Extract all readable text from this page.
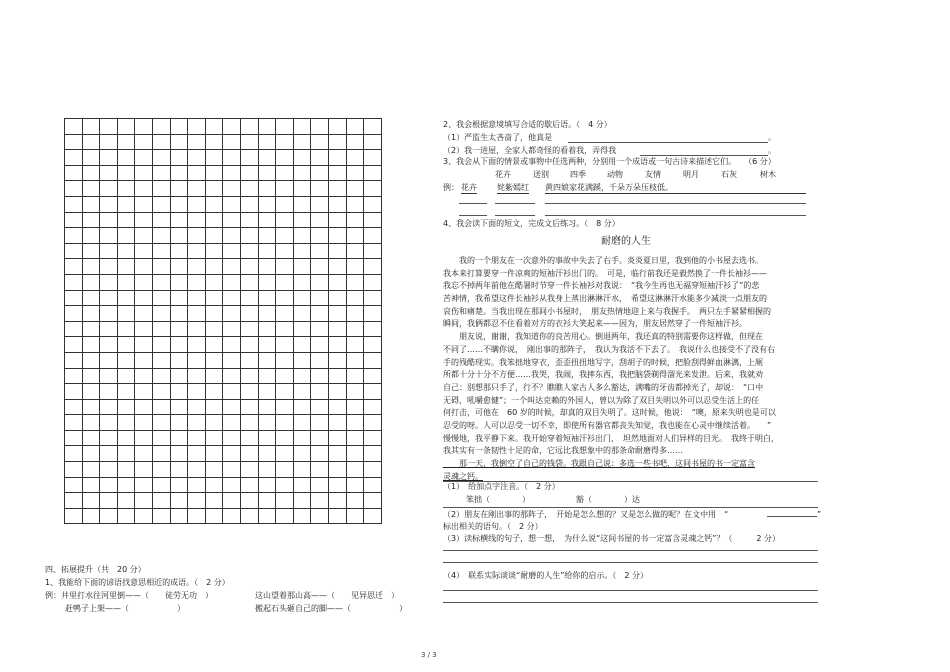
四、拓展提升（共　20 分）
1、我能给下面的谚语找意思相近的成语。（　2 分）
例：井里打水往河里倒——（　　徒劳无功　）	这山望着那山高——（　　见异思迁　）
赶鸭子上架——（　　　　　　）	搬起石头砸自己的脚——（　　　　　　）
2、我会根据意境填写合适的歇后语。（　4 分）
（1）严监生太吝啬了，他真是	。
（2）我一进屋，全家人都奇怪的看着我，弄得我	。
3、我会从下面的情景或事物中任选两种，分别用一个成语或一句古诗来描述它们。　　（6 分）
花卉	送别	四季	动物	友情	明月	石灰	树木
例： 花卉	姹紫嫣红 黄四娘家花满蹊，千朵万朵压枝低。
4、我会读下面的短文，完成文后练习。（　8 分）
耐磨的人生
　　我的一个朋友在一次意外的事故中失去了右手。炎炎夏日里，我到他的小书屋去选书。
我本来打算要穿一件凉爽的短袖汗衫出门的。　可是，临行前我还是毅然换了一件长袖衫——
我忘不掉两年前他在酷暑时节穿一件长袖衫对我说：　“我今生再也无福穿短袖汗衫了”的悲
苦神情，我希望这件长袖衫从我身上蒸出淋淋汗水，　希望这淋淋汗水能多少减淡一点朋友的
哀伤和痛楚。当我出现在那间小书屋时，　朋友热情地迎上来与我握手。　两只左手紧紧相握的
瞬间，我俩都忍不住看着对方的衣衫大笑起来——因为，朋友居然穿了一件短袖汗衫。
　　朋友说，谢谢，我知道你的良苦用心。倒退两年，我还真的特别需要你这样做，但现在
不同了……不瞒你说，　刚出事的那阵子，　我认为我活不下去了。　我说什么也接受不了没有右
手的残酷现实。我笨拙地穿衣，歪歪扭扭地写字，刮胡子的时候，把脸刮得鲜血淋漓，上厕
所都十分十分不方便……我哭，我闹，我摔东西，我把脑袋剃得溜光来发泄。后来，我就劝
自己：别想那只手了，行不？瞧瞧人家古人多么豁达，满嘴的牙齿都掉光了，却说：　“口中
无碍，吼嚼愈健”；一个叫达克赖的外国人，曾以为除了双目失明以外可以忍受生活上的任
何打击，可他在　60 岁的时候，却真的双目失明了。这时候，他说：　“噢，原来失明也是可以
忍受的呀。人可以忍受一切不幸，即使所有器官都丧失知觉，我也能在心灵中继续活着。　　”
慢慢地，我平静下来。我开始穿着短袖汗衫出门，　坦然地面对人们异样的目光。　我终于明白，
我其实有一条韧性十足的命，它远比我想象中的那条命耐磨得多……
　　那一天，我倒空了自己的钱袋。我跟自己说：多选一些书吧，这间书屋的书一定富含
灵魂之钙。
（1）　给加点字注音。（　2 分）
笨拙（　　　　）	豁（　　　　）达
（2）朋友在刚出事的那阵子，　开始是怎么想的？又是怎么做的呢？在文中用　“	”
标出相关的语句。（　2 分）
（3）读标横线的句子，想一想，　为什么说“这间书屋的书一定富含灵魂之钙”？（　　　2 分）
（4）　联系实际谈谈“耐磨的人生”给你的启示。（　2 分）
3 / 3
